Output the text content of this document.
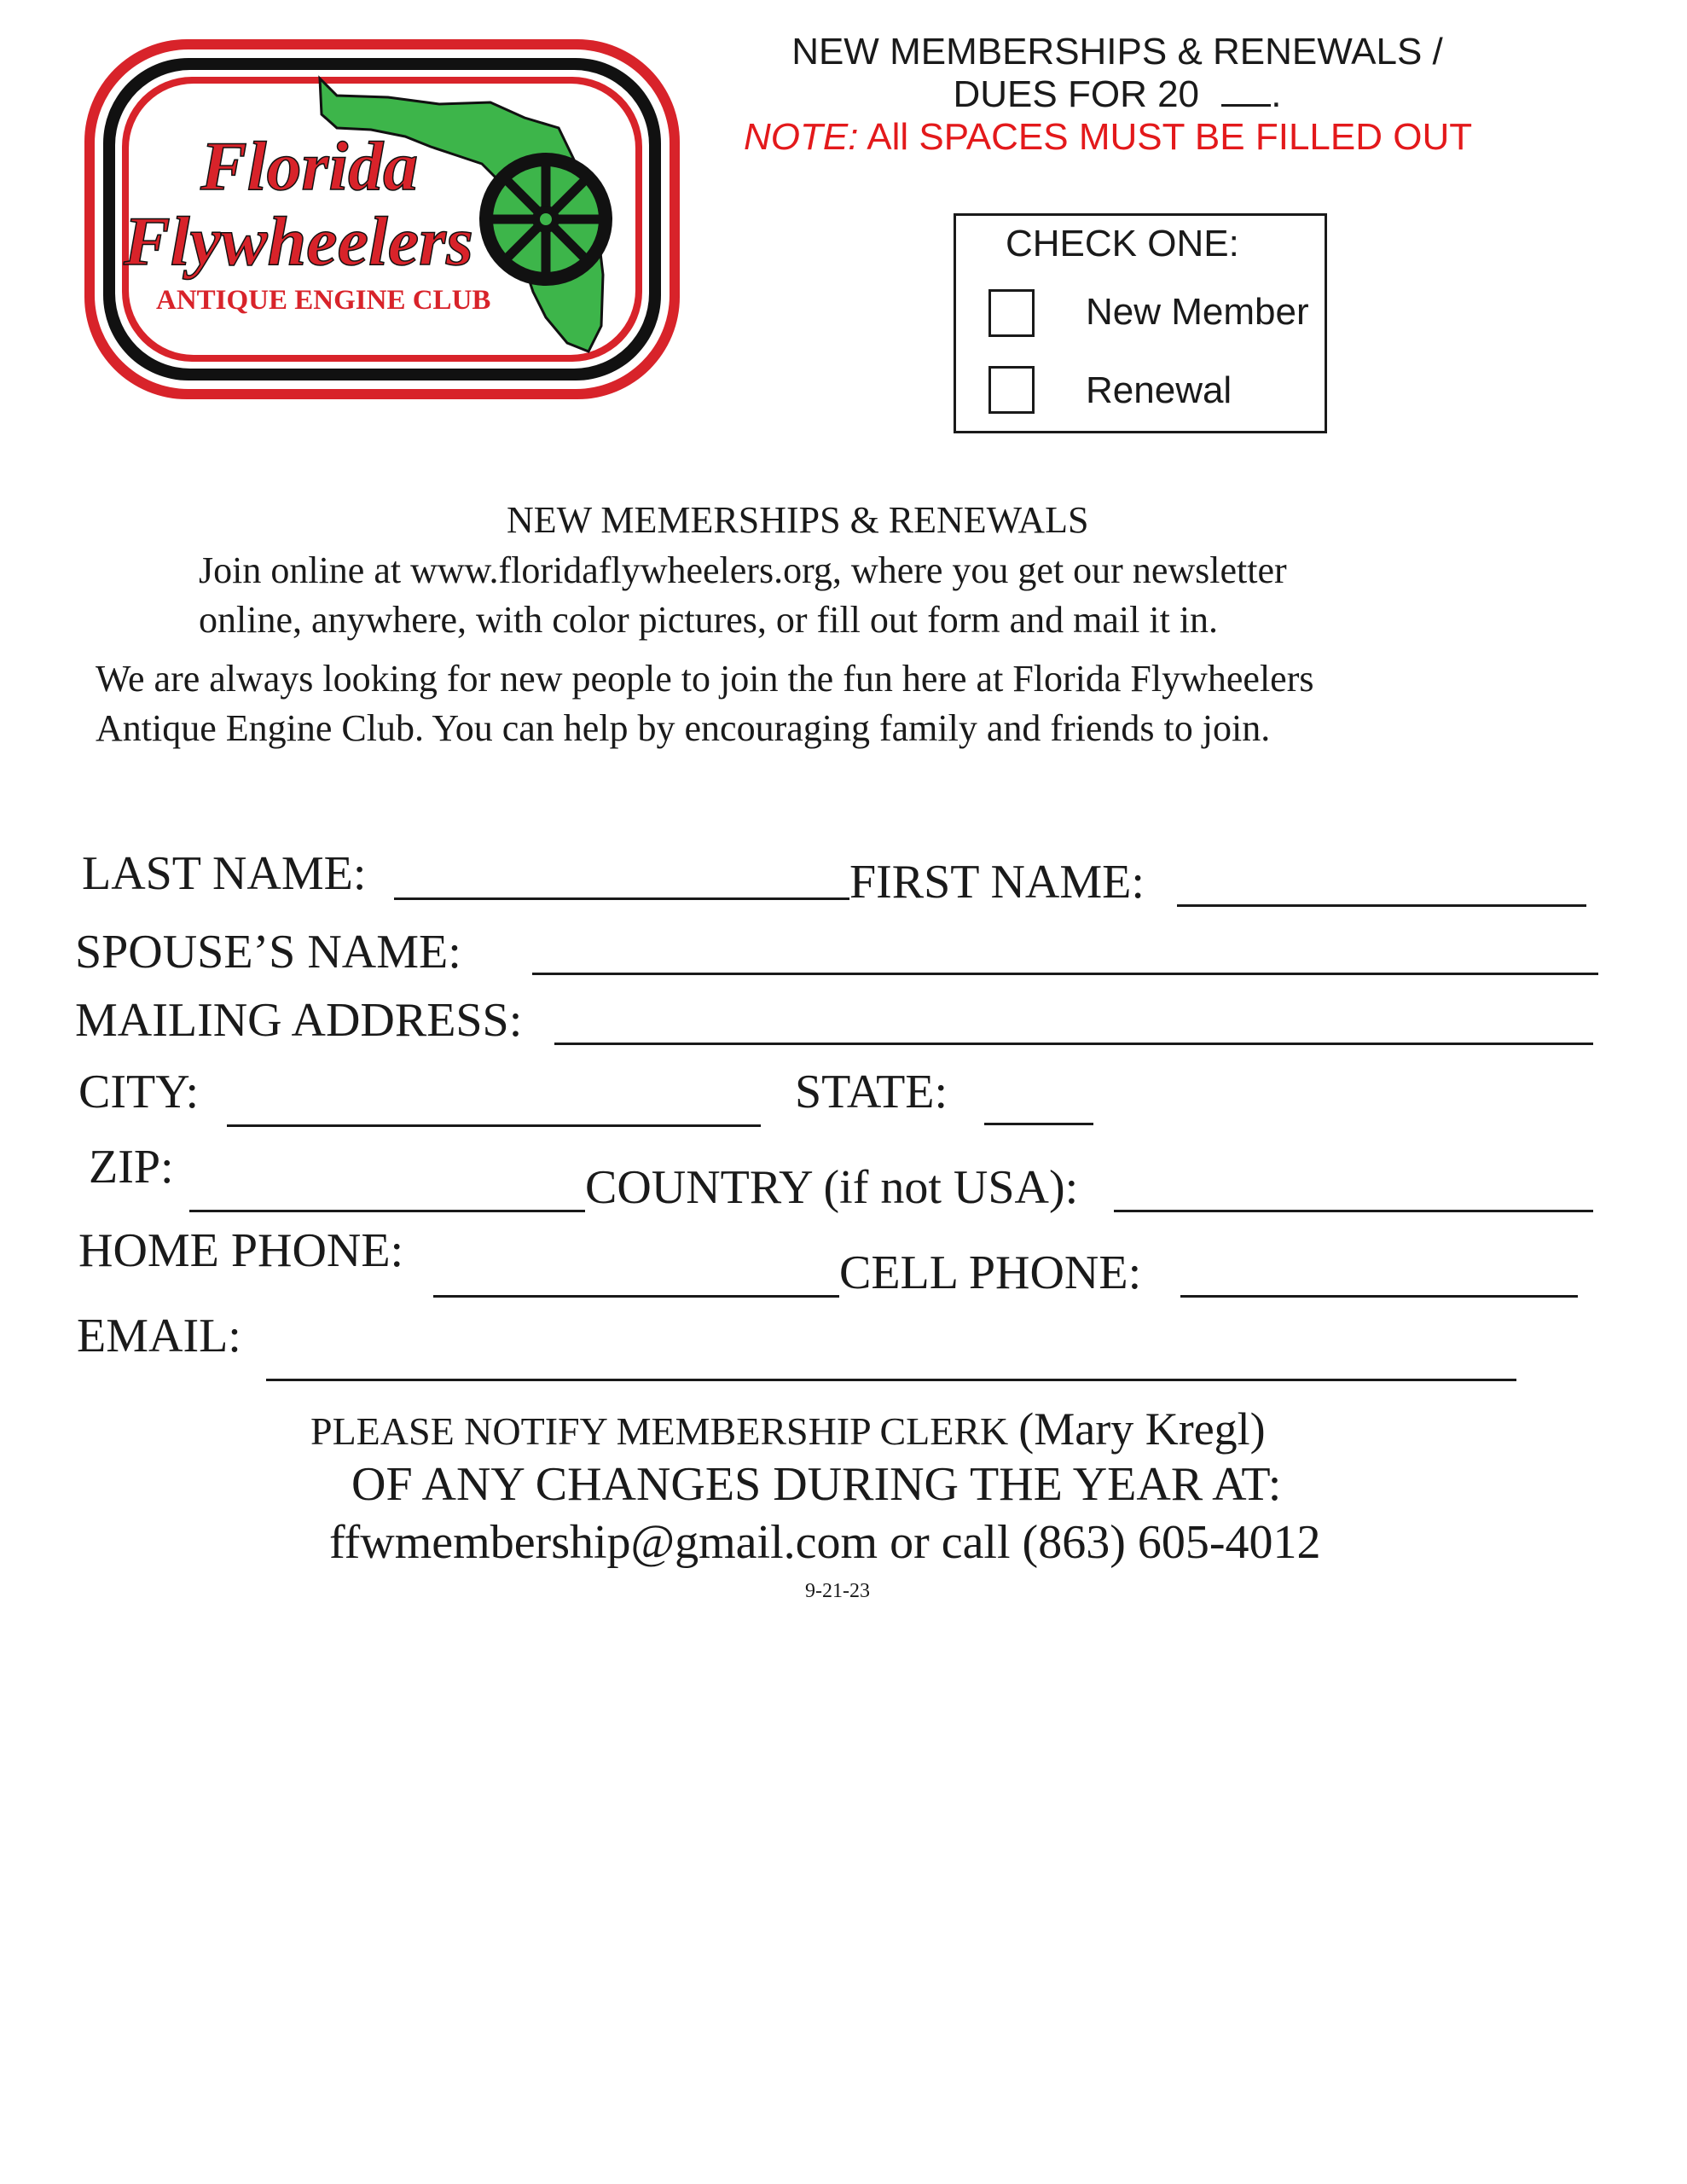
Florida
Flywheelers
ANTIQUE ENGINE CLUB
NEW MEMBERSHIPS & RENEWALS /
DUES FOR 20 .
NOTE: All SPACES MUST BE FILLED OUT
CHECK ONE:
New Member
Renewal
NEW MEMERSHIPS & RENEWALS
Join online at www.floridaflywheelers.org, where you get our newsletter
online, anywhere, with color pictures, or fill out form and mail it in.
We are always looking for new people to join the fun here at Florida Flywheelers
Antique Engine Club. You can help by encouraging family and friends to join.
LAST NAME:	FIRST NAME:
SPOUSE’S NAME:
MAILING ADDRESS:
CITY:	STATE:
ZIP:	COUNTRY (if not USA):
HOME PHONE:	CELL PHONE:
EMAIL:
PLEASE NOTIFY MEMBERSHIP CLERK (Mary Kregl)
OF ANY CHANGES DURING THE YEAR AT:
ffwmembership@gmail.com or call (863) 605-4012
9-21-23
